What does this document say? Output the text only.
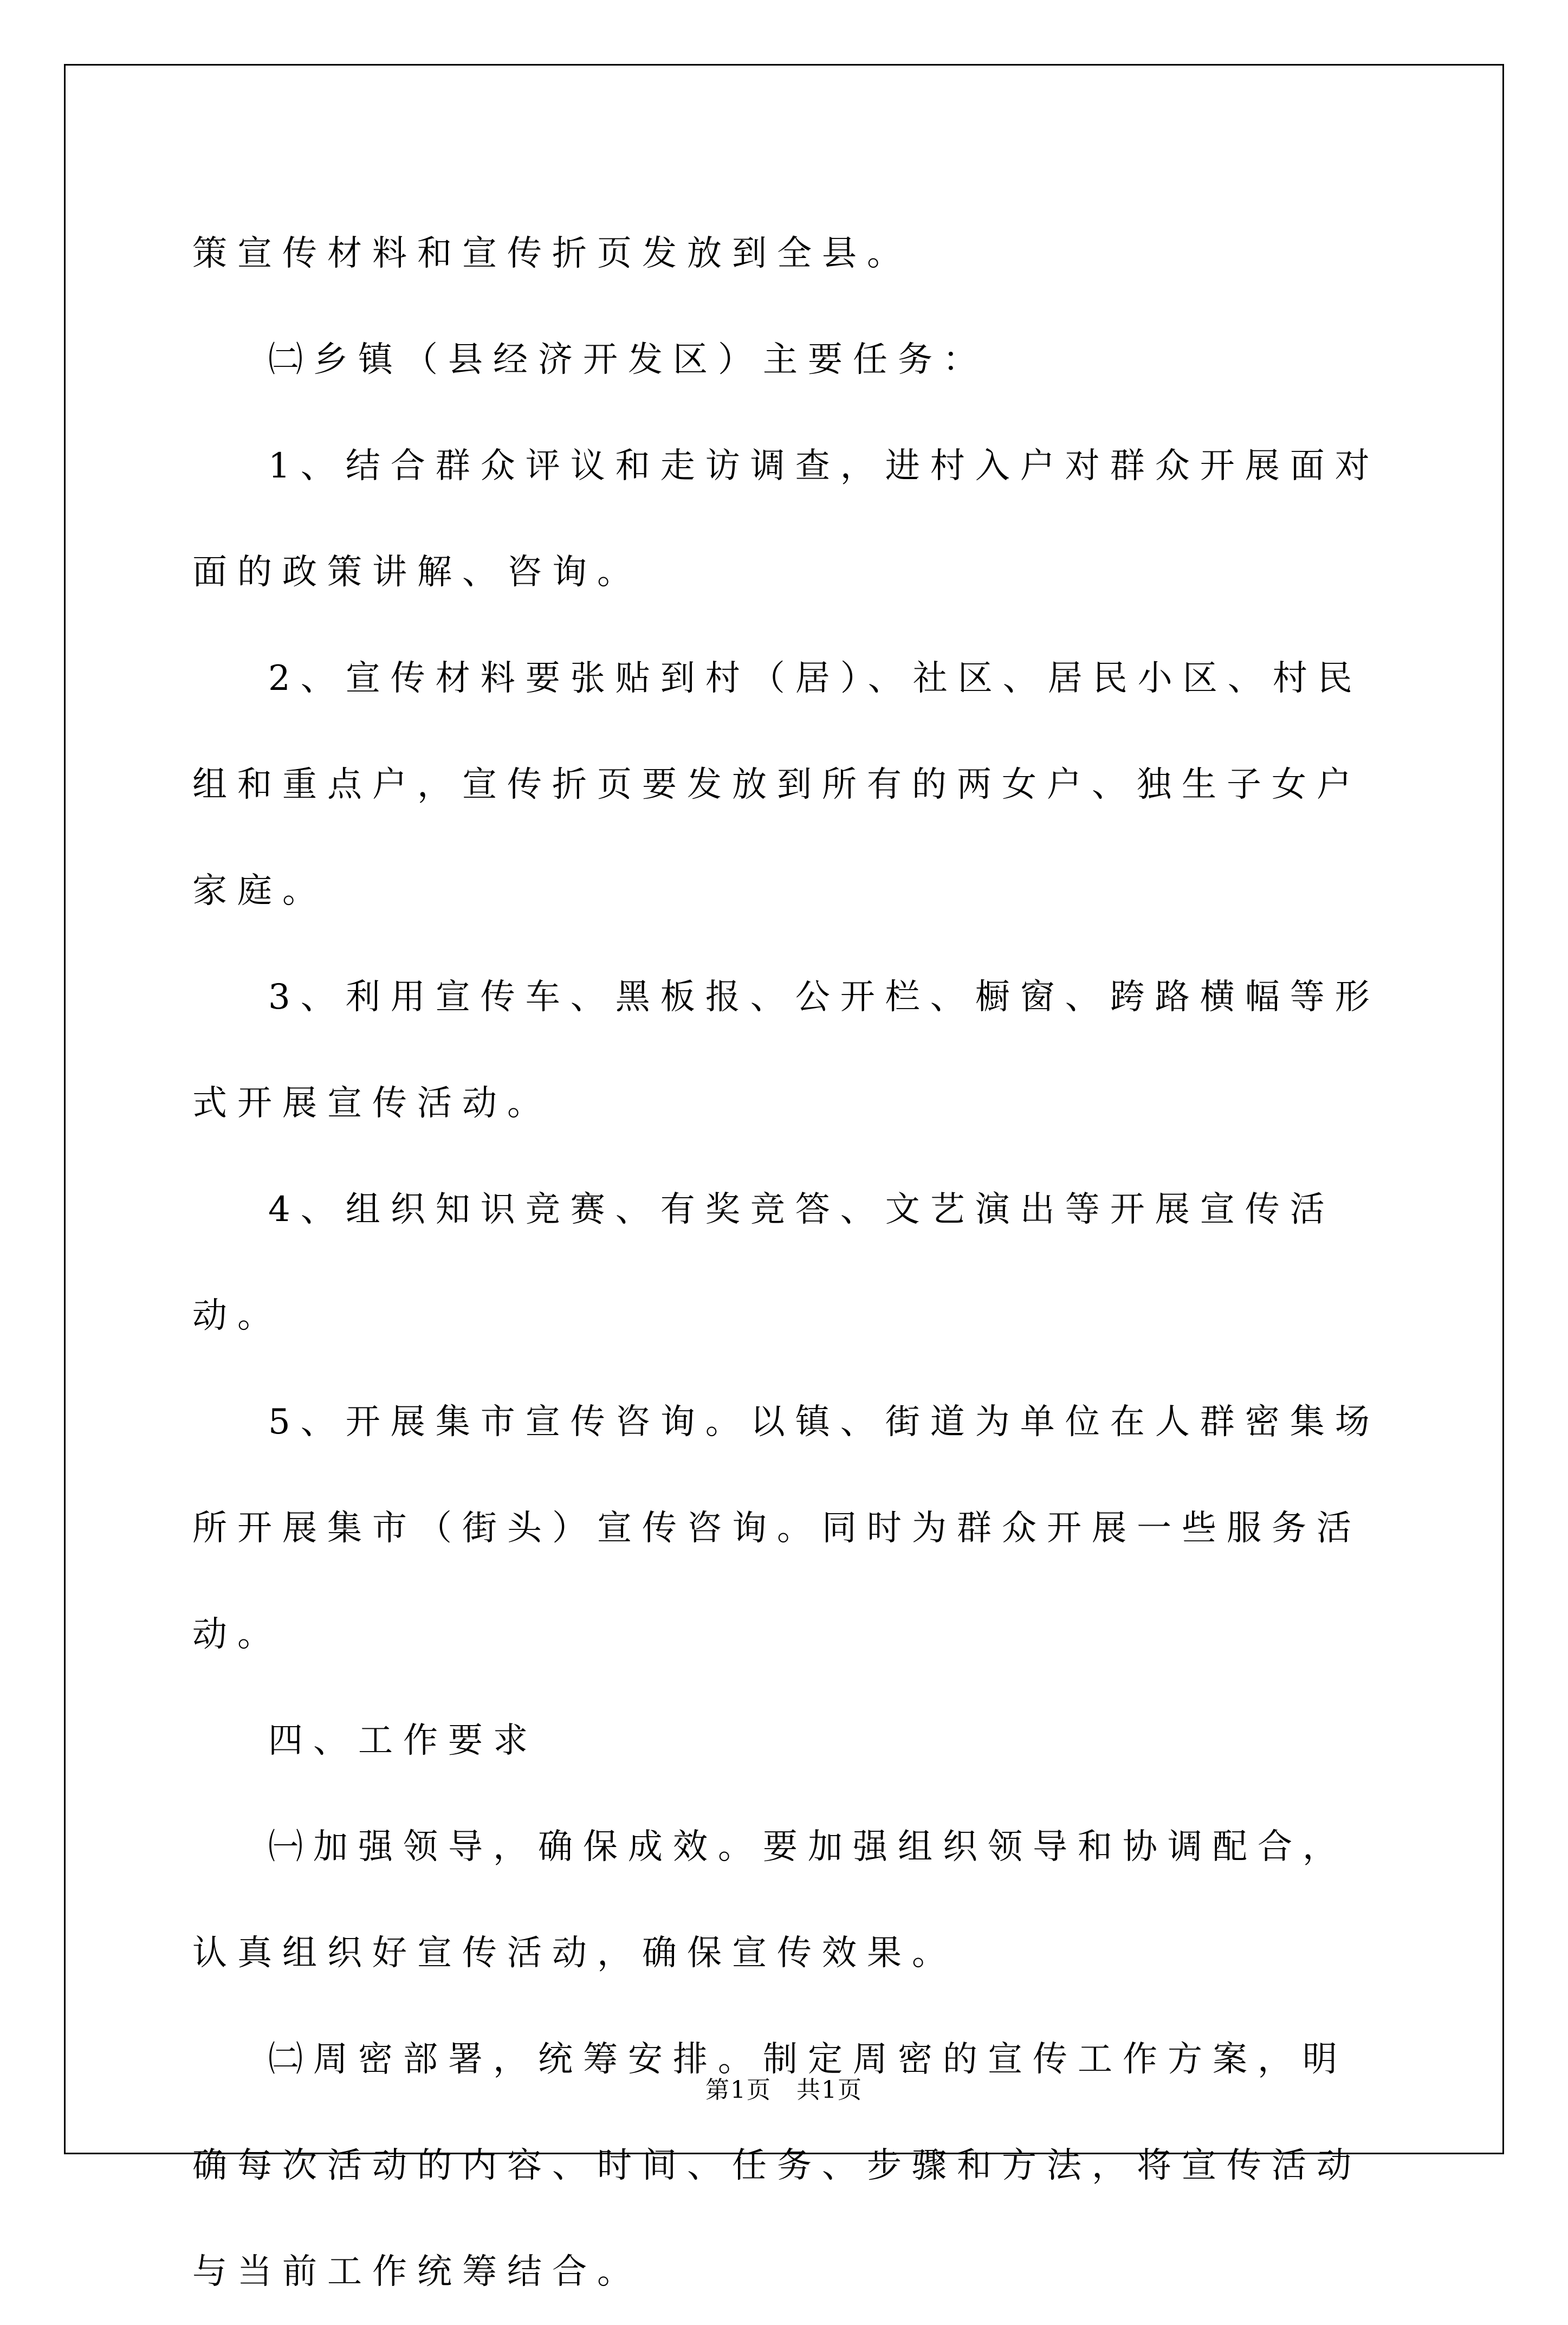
策宣传材料和宣传折页发放到全县。

㈡乡镇（县经济开发区）主要任务：

1、结合群众评议和走访调查，进村入户对群众开展面对面的政策讲解、咨询。

2、宣传材料要张贴到村（居）、社区、居民小区、村民组和重点户，宣传折页要发放到所有的两女户、独生子女户家庭。

3、利用宣传车、黑板报、公开栏、橱窗、跨路横幅等形式开展宣传活动。

4、组织知识竞赛、有奖竞答、文艺演出等开展宣传活动。

5、开展集市宣传咨询。以镇、街道为单位在人群密集场所开展集市（街头）宣传咨询。同时为群众开展一些服务活动。

四、工作要求

㈠加强领导，确保成效。要加强组织领导和协调配合，认真组织好宣传活动，确保宣传效果。

㈡周密部署，统筹安排。制定周密的宣传工作方案，明确每次活动的内容、时间、任务、步骤和方法，将宣传活动与当前工作统筹结合。

第1页　共1页
